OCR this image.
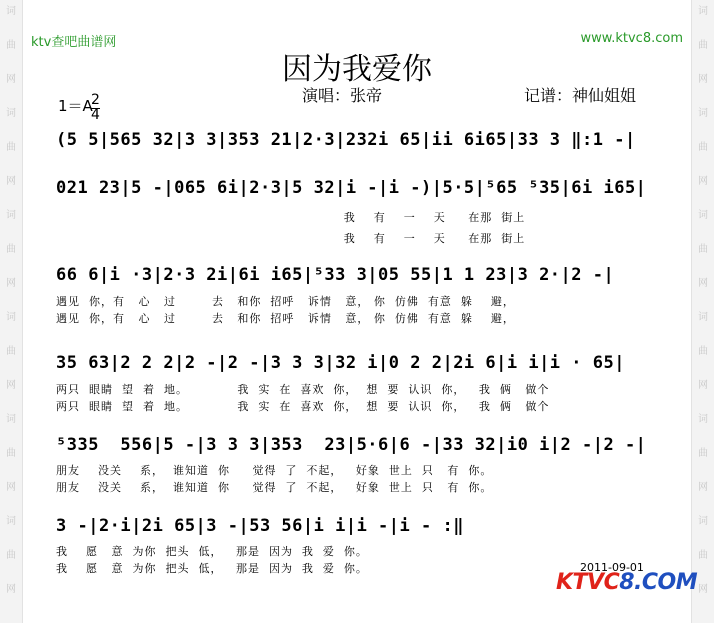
词
曲
网
词
曲
网
词
曲
网
词
曲
网
词
曲
网
词
曲
网
词
曲
网
词
曲
网
词
曲
网
词
曲
网
词
曲
网
词
曲
网
ktv查吧曲谱网	www.ktvc8.com
因为我爱你
演唱：张帝	记谱：神仙姐姐
1＝A
2
4
(5 5|565 32|3 3|353 21|2·3|232i 65|ii 6i65|33 3 ‖:1 -|
021 23|5 -|065 6i|2·3|5 32|i -|i -)|5·5|⁵65 ⁵35|6i i65|
我    有    一    天     在那  街上
我    有    一    天     在那  街上
66 6|i ·3|2·3 2i|6i i65|⁵33 3|05 55|1 1 23|3 2·|2 -|
遇见  你，有   心   过        去   和你  招呼   诉情   意， 你  仿佛  有意  躲    避，
遇见  你，有   心   过        去   和你  招呼   诉情   意， 你  仿佛  有意  躲    避，
35 63|2 2 2|2 -|2 -|3 3 3|32 i|0 2 2|2i 6|i i|i · 65|
两只  眼睛  望  着  地。           我  实  在  喜欢  你，  想  要  认识  你，   我  俩   做个
两只  眼睛  望  着  地。           我  实  在  喜欢  你，  想  要  认识  你，   我  俩   做个
⁵335  556|5 -|3 3 3|353  23|5·6|6 -|33 32|i0 i|2 -|2 -|
朋友    没关    系，  谁知道  你     觉得  了  不起，   好象  世上  只   有  你。
朋友    没关    系，  谁知道  你     觉得  了  不起，   好象  世上  只   有  你。
3 -|2·i|2i 65|3 -|53 56|i i|i -|i - :‖
我    愿   意  为你  把头  低，   那是  因为  我  爱  你。
我    愿   意  为你  把头  低，   那是  因为  我  爱  你。	2011-09-01
KTVC8.COM
